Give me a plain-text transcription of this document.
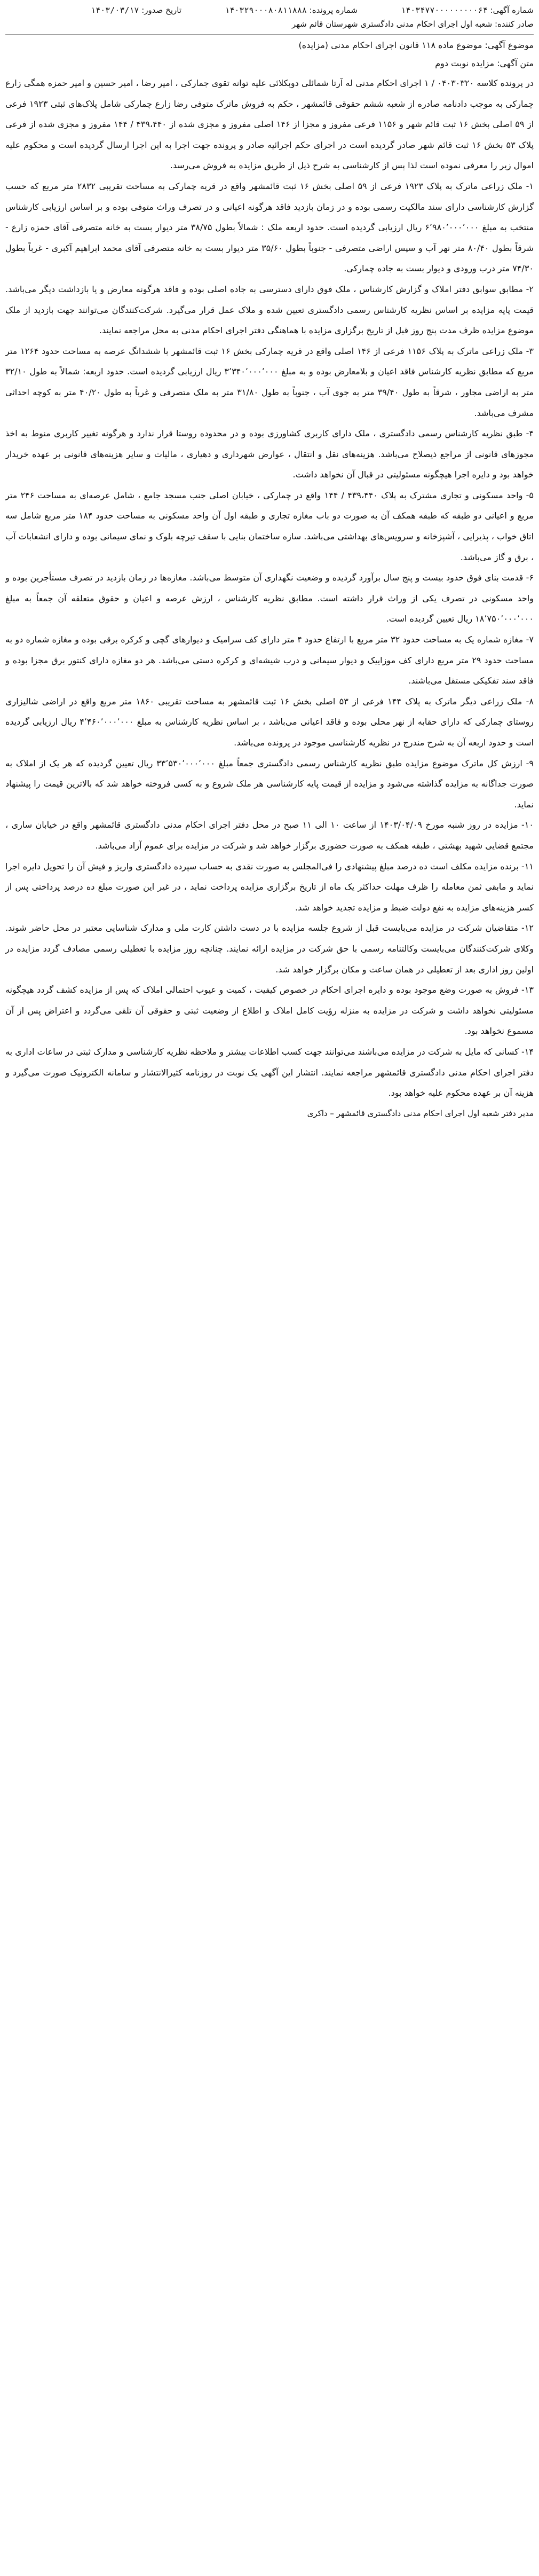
شماره آگهی: ۱۴۰۳۴۷۷۰۰۰۰۰۰۰۰۰۶۴
شماره پرونده: ۱۴۰۳۲۹۰۰۰۸۰۸۱۱۸۸۸
تاریخ صدور: ۱۴۰۳/۰۳/۱۷
صادر کننده: شعبه اول اجرای احکام مدنی دادگستری شهرستان قائم شهر
موضوع آگهی: موضوع ماده ۱۱۸ قانون اجرای احکام مدنی (مزایده)
متن آگهی: مزایده نوبت دوم

در پرونده کلاسه ۰۴۰۳۰۳۲۰ / ۱ اجرای احکام مدنی له آرتا شمائلی دوبکلائی علیه توانه تقوی جمارکی ، امیر رضا ، امیر حسین و امیر حمزه همگی زارع چمارکی به موجب دادنامه صادره از شعبه ششم حقوقی قائمشهر ، حکم به فروش ماترک متوفی رضا زارع چمارکی شامل پلاک‌های ثبتی ۱۹۲۳ فرعی از ۵۹ اصلی بخش ۱۶ ثبت قائم شهر و ۱۱۵۶ فرعی مفروز و مجزا از ۱۴۶ اصلی مفروز و مجزی شده از ۴۳۹،۴۴۰ / ۱۴۴ مفروز و مجزی شده از فرعی پلاک ۵۳ بخش ۱۶ ثبت قائم شهر صادر گردیده است در اجرای حکم اجرائیه صادر و پرونده جهت اجرا به این اجرا ارسال گردیده است و محکوم علیه اموال زیر را معرفی نموده است لذا پس از کارشناسی به شرح ذیل از طریق مزایده به فروش می‌رسد.

۱- ملک زراعی ماترک به پلاک ۱۹۲۳ فرعی از ۵۹ اصلی بخش ۱۶ ثبت قائمشهر واقع در قریه چمارکی به مساحت تقریبی ۲۸۳۲ متر مربع که حسب گزارش کارشناسی دارای سند مالکیت رسمی بوده و در زمان بازدید فاقد هرگونه اعیانی و در تصرف وراث متوفی بوده و بر اساس ارزیابی کارشناس منتخب به مبلغ ۶٬۹۸۰٬۰۰۰٬۰۰۰ ریال ارزیابی گردیده است. حدود اربعه ملک : شمالاً بطول ۳۸/۷۵ متر دیوار بست به خانه متصرفی آقای حمزه زارع - شرقاً بطول ۸۰/۴۰ متر نهر آب و سپس اراضی متصرفی - جنوباً بطول ۳۵/۶۰ متر دیوار بست به خانه متصرفی آقای محمد ابراهیم آکبری - غرباً بطول ۷۴/۳۰ متر درب ورودی و دیوار بست به جاده چمارکی.

۲- مطابق سوابق دفتر املاک و گزارش کارشناس ، ملک فوق دارای دسترسی به جاده اصلی بوده و فاقد هرگونه معارض و یا بازداشت دیگر می‌باشد. قیمت پایه مزایده بر اساس نظریه کارشناس رسمی دادگستری تعیین شده و ملاک عمل قرار می‌گیرد. شرکت‌کنندگان می‌توانند جهت بازدید از ملک موضوع مزایده ظرف مدت پنج روز قبل از تاریخ برگزاری مزایده با هماهنگی دفتر اجرای احکام مدنی به محل مراجعه نمایند.

۳- ملک زراعی ماترک به پلاک ۱۱۵۶ فرعی از ۱۴۶ اصلی واقع در قریه چمارکی بخش ۱۶ ثبت قائمشهر با ششدانگ عرصه به مساحت حدود ۱۲۶۴ متر مربع که مطابق نظریه کارشناس فاقد اعیان و بلامعارض بوده و به مبلغ ۳٬۳۴۰٬۰۰۰٬۰۰۰ ریال ارزیابی گردیده است. حدود اربعه: شمالاً به طول ۳۲/۱۰ متر به اراضی مجاور ، شرقاً به طول ۳۹/۴۰ متر به جوی آب ، جنوباً به طول ۳۱/۸۰ متر به ملک متصرفی و غرباً به طول ۴۰/۲۰ متر به کوچه احداثی مشرف می‌باشد.

۴- طبق نظریه کارشناس رسمی دادگستری ، ملک دارای کاربری کشاورزی بوده و در محدوده روستا قرار ندارد و هرگونه تغییر کاربری منوط به اخذ مجوزهای قانونی از مراجع ذیصلاح می‌باشد. هزینه‌های نقل و انتقال ، عوارض شهرداری و دهیاری ، مالیات و سایر هزینه‌های قانونی بر عهده خریدار خواهد بود و دایره اجرا هیچگونه مسئولیتی در قبال آن نخواهد داشت.

۵- واحد مسکونی و تجاری مشترک به پلاک ۴۳۹،۴۴۰ / ۱۴۴ واقع در چمارکی ، خیابان اصلی جنب مسجد جامع ، شامل عرصه‌ای به مساحت ۲۴۶ متر مربع و اعیانی دو طبقه که طبقه همکف آن به صورت دو باب مغازه تجاری و طبقه اول آن واحد مسکونی به مساحت حدود ۱۸۴ متر مربع شامل سه اتاق خواب ، پذیرایی ، آشپزخانه و سرویس‌های بهداشتی می‌باشد. سازه ساختمان بنایی با سقف تیرچه بلوک و نمای سیمانی بوده و دارای انشعابات آب ، برق و گاز می‌باشد.

۶- قدمت بنای فوق حدود بیست و پنج سال برآورد گردیده و وضعیت نگهداری آن متوسط می‌باشد. مغازه‌ها در زمان بازدید در تصرف مستأجرین بوده و واحد مسکونی در تصرف یکی از وراث قرار داشته است. مطابق نظریه کارشناس ، ارزش عرصه و اعیان و حقوق متعلقه آن جمعاً به مبلغ ۱۸٬۷۵۰٬۰۰۰٬۰۰۰ ریال تعیین گردیده است.

۷- مغازه شماره یک به مساحت حدود ۳۲ متر مربع با ارتفاع حدود ۴ متر دارای کف سرامیک و دیوارهای گچی و کرکره برقی بوده و مغازه شماره دو به مساحت حدود ۲۹ متر مربع دارای کف موزاییک و دیوار سیمانی و درب شیشه‌ای و کرکره دستی می‌باشد. هر دو مغازه دارای کنتور برق مجزا بوده و فاقد سند تفکیکی مستقل می‌باشند.

۸- ملک زراعی دیگر ماترک به پلاک ۱۴۴ فرعی از ۵۳ اصلی بخش ۱۶ ثبت قائمشهر به مساحت تقریبی ۱۸۶۰ متر مربع واقع در اراضی شالیزاری روستای چمارکی که دارای حقابه از نهر محلی بوده و فاقد اعیانی می‌باشد ، بر اساس نظریه کارشناس به مبلغ ۴٬۴۶۰٬۰۰۰٬۰۰۰ ریال ارزیابی گردیده است و حدود اربعه آن به شرح مندرج در نظریه کارشناسی موجود در پرونده می‌باشد.

۹- ارزش کل ماترک موضوع مزایده طبق نظریه کارشناس رسمی دادگستری جمعاً مبلغ ۳۳٬۵۳۰٬۰۰۰٬۰۰۰ ریال تعیین گردیده که هر یک از املاک به صورت جداگانه به مزایده گذاشته می‌شود و مزایده از قیمت پایه کارشناسی هر ملک شروع و به کسی فروخته خواهد شد که بالاترین قیمت را پیشنهاد نماید.

۱۰- مزایده در روز شنبه مورخ ۱۴۰۳/۰۴/۰۹ از ساعت ۱۰ الی ۱۱ صبح در محل دفتر اجرای احکام مدنی دادگستری قائمشهر واقع در خیابان ساری ، مجتمع قضایی شهید بهشتی ، طبقه همکف به صورت حضوری برگزار خواهد شد و شرکت در مزایده برای عموم آزاد می‌باشد.

۱۱- برنده مزایده مکلف است ده درصد مبلغ پیشنهادی را فی‌المجلس به صورت نقدی به حساب سپرده دادگستری واریز و فیش آن را تحویل دایره اجرا نماید و مابقی ثمن معامله را ظرف مهلت حداکثر یک ماه از تاریخ برگزاری مزایده پرداخت نماید ، در غیر این صورت مبلغ ده درصد پرداختی پس از کسر هزینه‌های مزایده به نفع دولت ضبط و مزایده تجدید خواهد شد.

۱۲- متقاضیان شرکت در مزایده می‌بایست قبل از شروع جلسه مزایده با در دست داشتن کارت ملی و مدارک شناسایی معتبر در محل حاضر شوند. وکلای شرکت‌کنندگان می‌بایست وکالتنامه رسمی با حق شرکت در مزایده ارائه نمایند. چنانچه روز مزایده با تعطیلی رسمی مصادف گردد مزایده در اولین روز اداری بعد از تعطیلی در همان ساعت و مکان برگزار خواهد شد.

۱۳- فروش به صورت وضع موجود بوده و دایره اجرای احکام در خصوص کیفیت ، کمیت و عیوب احتمالی املاک که پس از مزایده کشف گردد هیچگونه مسئولیتی نخواهد داشت و شرکت در مزایده به منزله رؤیت کامل املاک و اطلاع از وضعیت ثبتی و حقوقی آن تلقی می‌گردد و اعتراض پس از آن مسموع نخواهد بود.

۱۴- کسانی که مایل به شرکت در مزایده می‌باشند می‌توانند جهت کسب اطلاعات بیشتر و ملاحظه نظریه کارشناسی و مدارک ثبتی در ساعات اداری به دفتر اجرای احکام مدنی دادگستری قائمشهر مراجعه نمایند. انتشار این آگهی یک نوبت در روزنامه کثیرالانتشار و سامانه الکترونیک صورت می‌گیرد و هزینه آن بر عهده محکوم علیه خواهد بود.

مدیر دفتر شعبه اول اجرای احکام مدنی دادگستری قائمشهر – داکری
